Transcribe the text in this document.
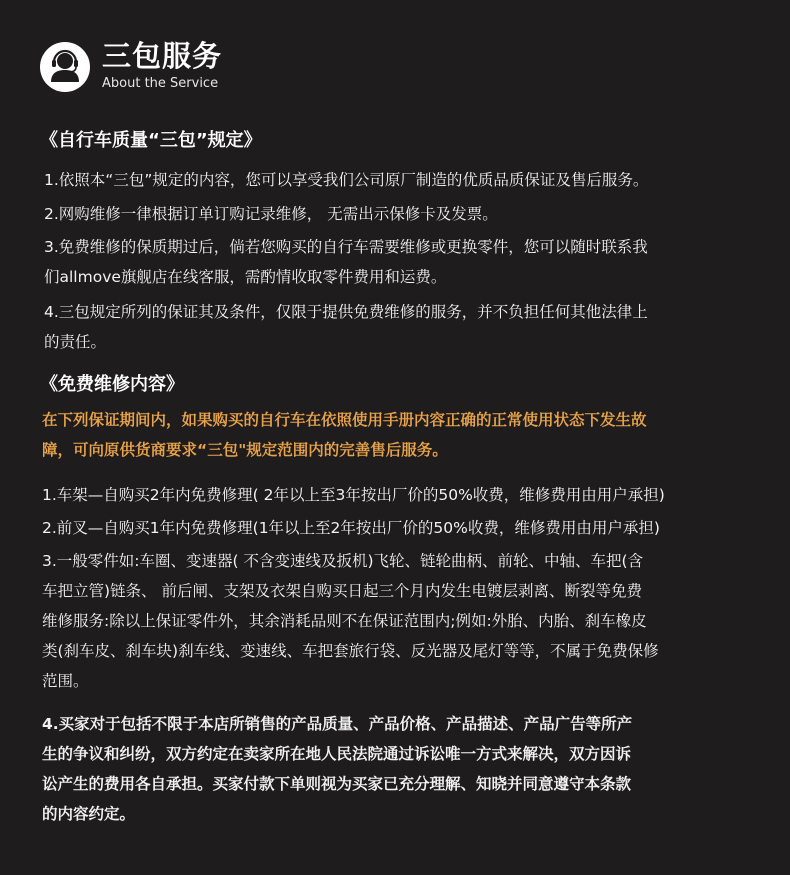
三包服务
About the Service
《自行车质量“三包”规定》
1.依照本“三包”规定的内容，您可以享受我们公司原厂制造的优质品质保证及售后服务。
2.网购维修一律根据订单订购记录维修， 无需出示保修卡及发票。
3.免费维修的保质期过后，倘若您购买的自行车需要维修或更换零件，您可以随时联系我
们allmove旗舰店在线客服，需酌情收取零件费用和运费。
4.三包规定所列的保证其及条件，仅限于提供免费维修的服务，并不负担任何其他法律上
的责任。
《免费维修内容》
在下列保证期间内，如果购买的自行车在依照使用手册内容正确的正常使用状态下发生故
障，可向原供货商要求“三包"规定范围内的完善售后服务。
1.车架—自购买2年内免费修理( 2年以上至3年按出厂价的50%收费，维修费用由用户承担)
2.前叉—自购买1年内免费修理(1年以上至2年按出厂价的50%收费，维修费用由用户承担)
3.一般零件如:车圈、变速器( 不含变速线及扳机)飞轮、链轮曲柄、前轮、中轴、车把(含
车把立管)链条、 前后闸、支架及衣架自购买日起三个月内发生电镀层剥离、断裂等免费
维修服务:除以上保证零件外，其余消耗品则不在保证范围内;例如:外胎、内胎、刹车橡皮
类(刹车皮、刹车块)刹车线、变速线、车把套旅行袋、反光器及尾灯等等，不属于免费保修
范围。
4.买家对于包括不限于本店所销售的产品质量、产品价格、产品描述、产品广告等所产
生的争议和纠纷，双方约定在卖家所在地人民法院通过诉讼唯一方式来解决，双方因诉
讼产生的费用各自承担。买家付款下单则视为买家已充分理解、知晓并同意遵守本条款
的内容约定。
